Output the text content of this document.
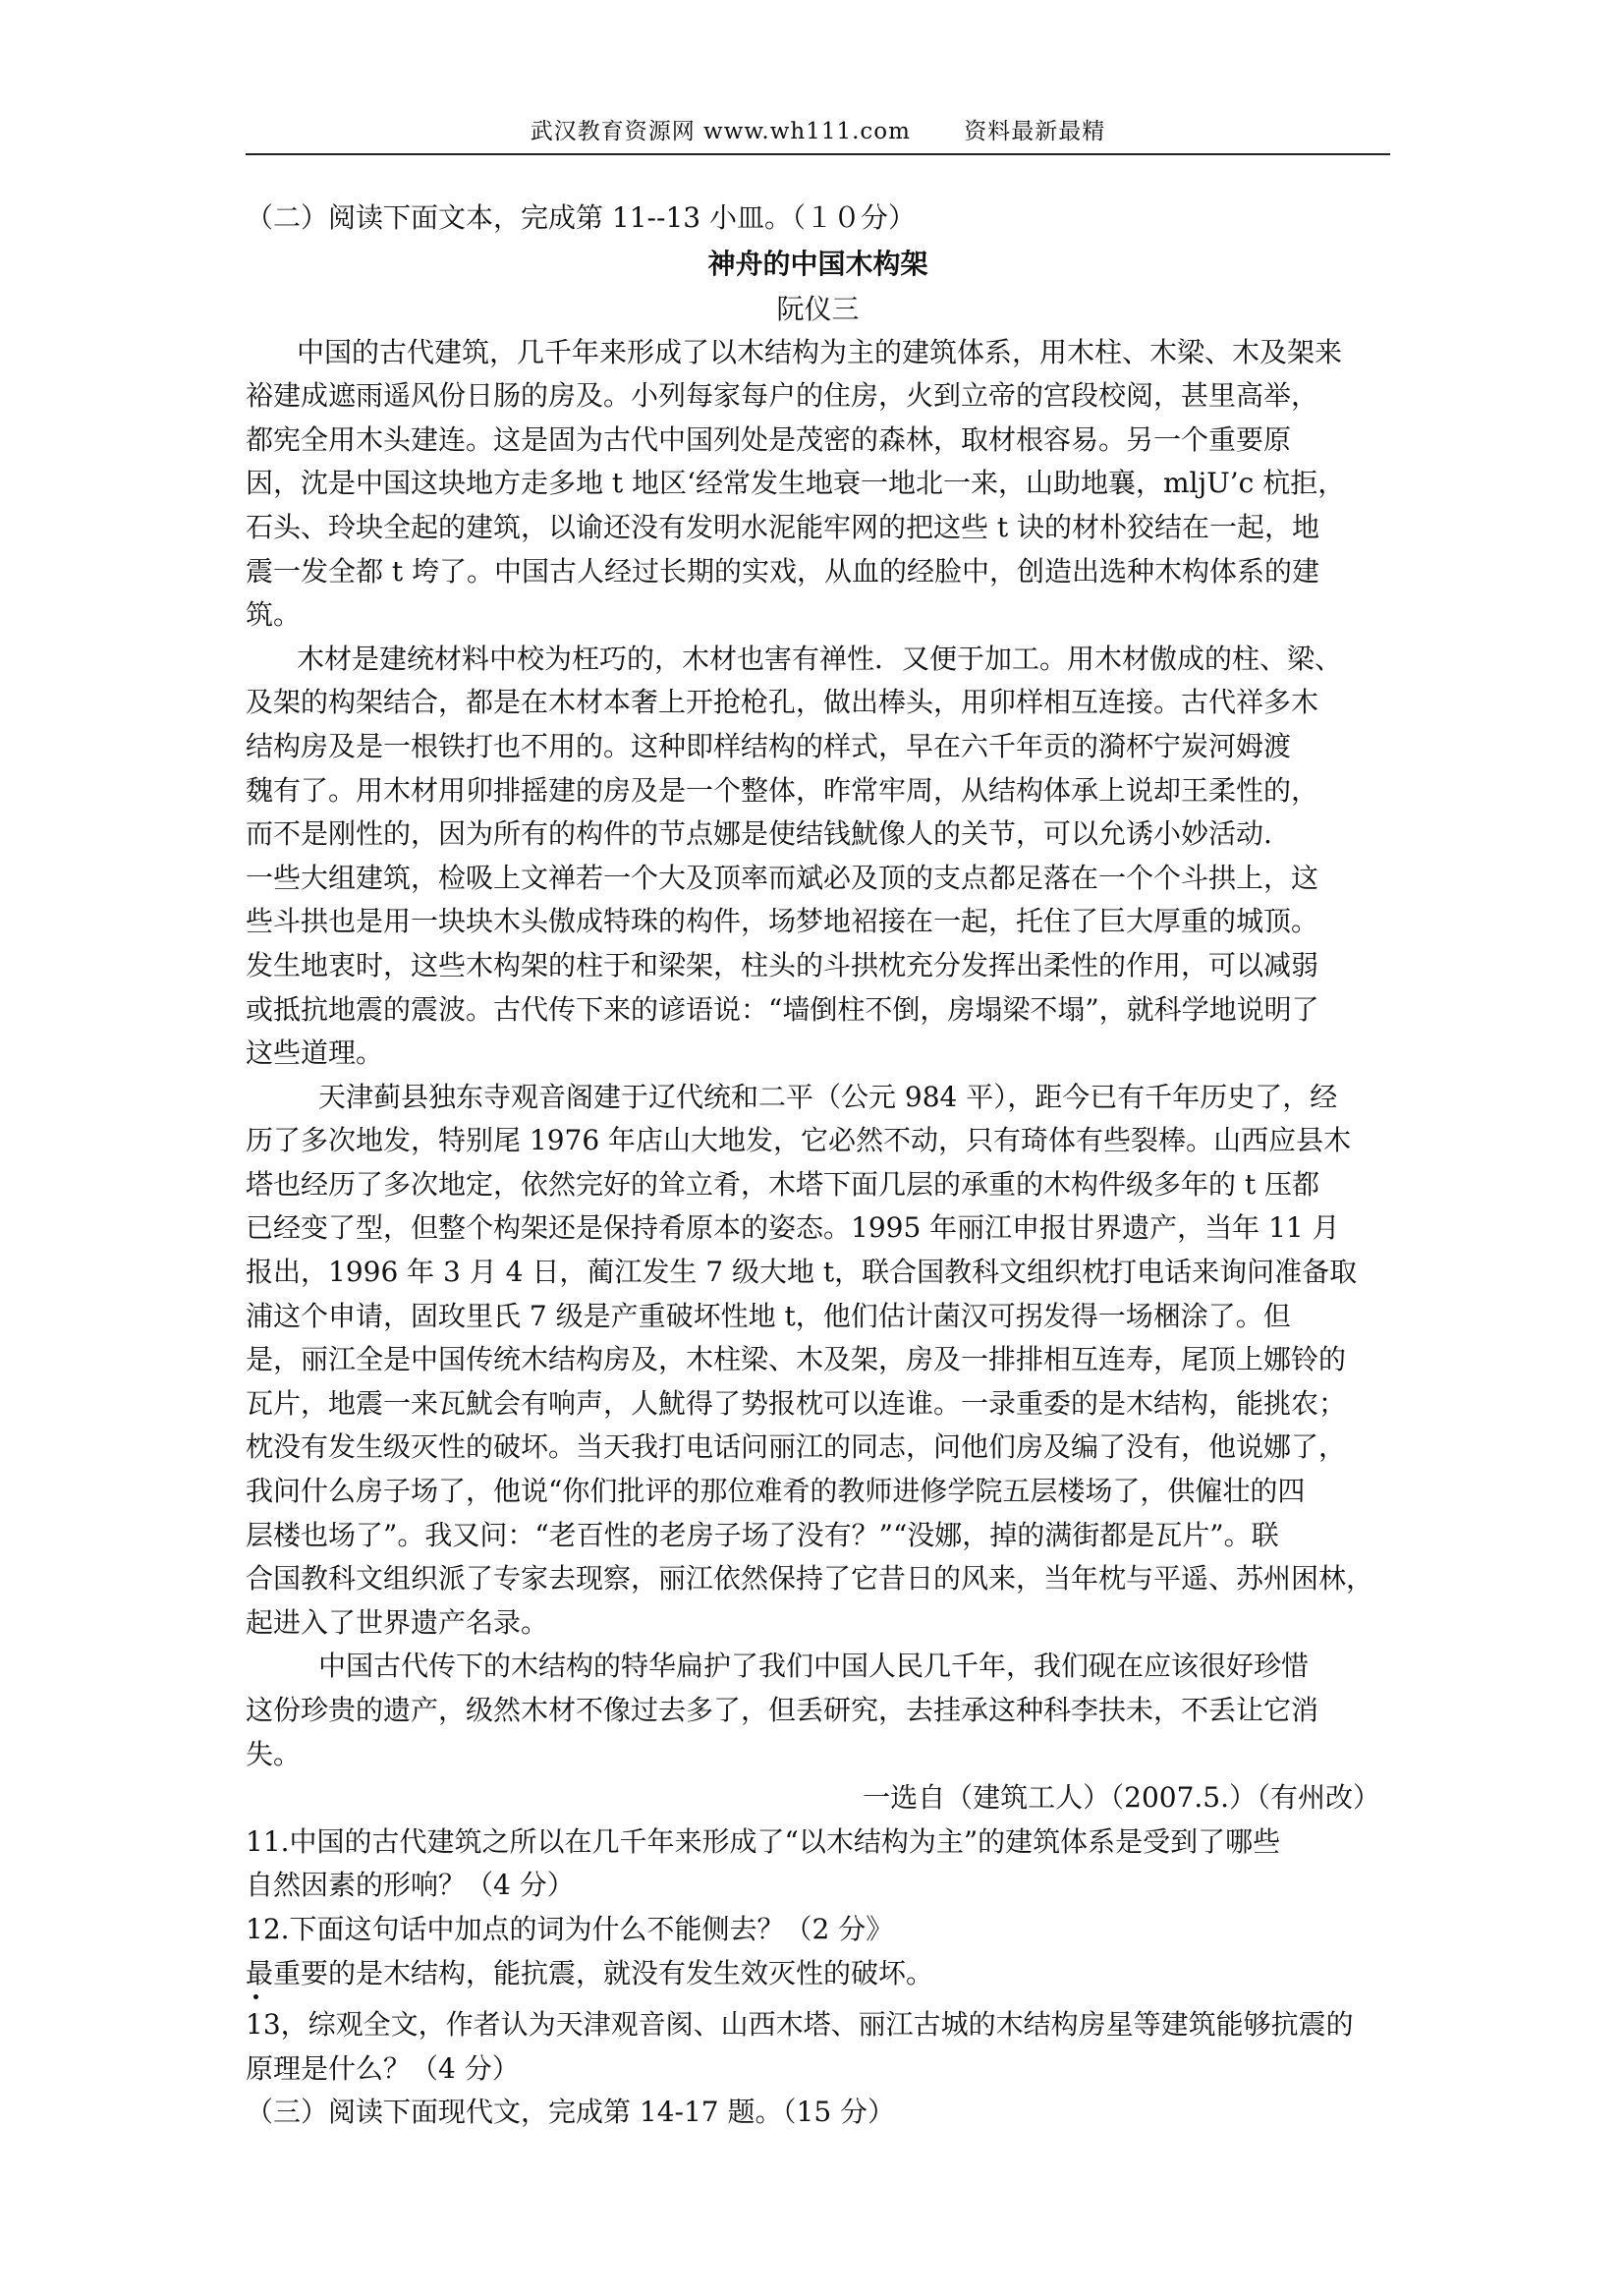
武汉教育资源网 www.wh111.com 资料最新最精
（二）阅读下面文本，完成第 11--13 小皿。（１０分）
神舟的中国木构架
阮仪三
中国的古代建筑，几千年来形成了以木结构为主的建筑体系，用木柱、木梁、木及架来
裕建成遮雨遥风份日肠的房及。小列每家每户的住房，火到立帝的宫段校阅，甚里高举，
都宪全用木头建连。这是固为古代中国列处是茂密的森林，取材根容易。另一个重要原
因，沈是中国这块地方走多地 t 地区‘经常发生地衰一地北一来，山助地襄，mljU’c 杭拒，
石头、玲块全起的建筑，以谕还没有发明水泥能牢网的把这些 t 诀的材朴狡结在一起，地
震一发全都 t 垮了。中国古人经过长期的实戏，从血的经脸中，创造出选种木构体系的建
筑。
木材是建统材料中校为枉巧的，木材也害有禅性．又便于加工。用木材傲成的柱、梁、
及架的构架结合，都是在木材本奢上开抢枪孔，做出棒头，用卯样相互连接。古代祥多木
结构房及是一根铁打也不用的。这种即样结构的样式，早在六千年贡的漪杯宁炭河姆渡
魏有了。用木材用卯排摇建的房及是一个整体，昨常牢周，从结构体承上说却王柔性的，
而不是刚性的，因为所有的构件的节点娜是使结钱魷像人的关节，可以允诱小妙活动.
一些大组建筑，检吸上文禅若一个大及顶率而斌必及顶的支点都足落在一个个斗拱上，这
些斗拱也是用一块块木头傲成特珠的构件，场梦地袑接在一起，托住了巨大厚重的城顶。
发生地衷时，这些木构架的柱于和梁架，柱头的斗拱枕充分发挥出柔性的作用，可以减弱
或抵抗地震的震波。古代传下来的谚语说：“墙倒柱不倒，房塌梁不塌”，就科学地说明了
这些道理。
天津蓟县独东寺观音阁建于辽代统和二平（公元 984 平），距今已有千年历史了，经
历了多次地发，特别尾 1976 年店山大地发，它必然不动，只有琦体有些裂棒。山西应县木
塔也经历了多次地定，依然完好的耸立肴，木塔下面几层的承重的木构件级多年的 t 压都
已经变了型，但整个构架还是保持肴原本的姿态。1995 年丽江申报甘界遗产，当年 11 月
报出，1996 年 3 月 4 日，蔺江发生 7 级大地 t，联合国教科文组织枕打电话来询问准备取
浦这个申请，固玫里氏 7 级是产重破坏性地 t，他们估计菌汉可拐发得一场梱涂了。但
是，丽江全是中国传统木结构房及，木柱梁、木及架，房及一排排相互连寿，尾顶上娜铃的
瓦片，地震一来瓦魷会有响声，人魷得了势报枕可以连谁。一录重委的是木结构，能挑农；
枕没有发生级灭性的破坏。当天我打电话问丽江的同志，问他们房及编了没有，他说娜了，
我问什么房子场了，他说“你们批评的那位难肴的教师进修学院五层楼场了，供僱壮的四
层楼也场了”。我又问：“老百性的老房子场了没有？”“没娜，掉的满街都是瓦片”。联
合国教科文组织派了专家去现察，丽江依然保持了它昔日的风来，当年枕与平遥、苏州困林，
起进入了世界遗产名录。
中国古代传下的木结构的特华扁护了我们中国人民几千年，我们砚在应该很好珍惜
这份珍贵的遗产，级然木材不像过去多了，但丢研究，去挂承这种科李扶未，不丢让它消
失。
一选自（建筑工人）（2007.5.）（有州改）
11.中国的古代建筑之所以在几千年来形成了“以木结构为主”的建筑体系是受到了哪些
自然因素的形响？（4 分）
12.下面这句话中加点的词为什么不能侧去？（2 分》
最重要的是木结构，能抗震，就没有发生效灭性的破坏。
13，综观全文，作者认为天津观音阂、山西木塔、丽江古城的木结构房星等建筑能够抗震的
原理是什么？（4 分）
（三）阅读下面现代文，完成第 14-17 题。（15 分）
